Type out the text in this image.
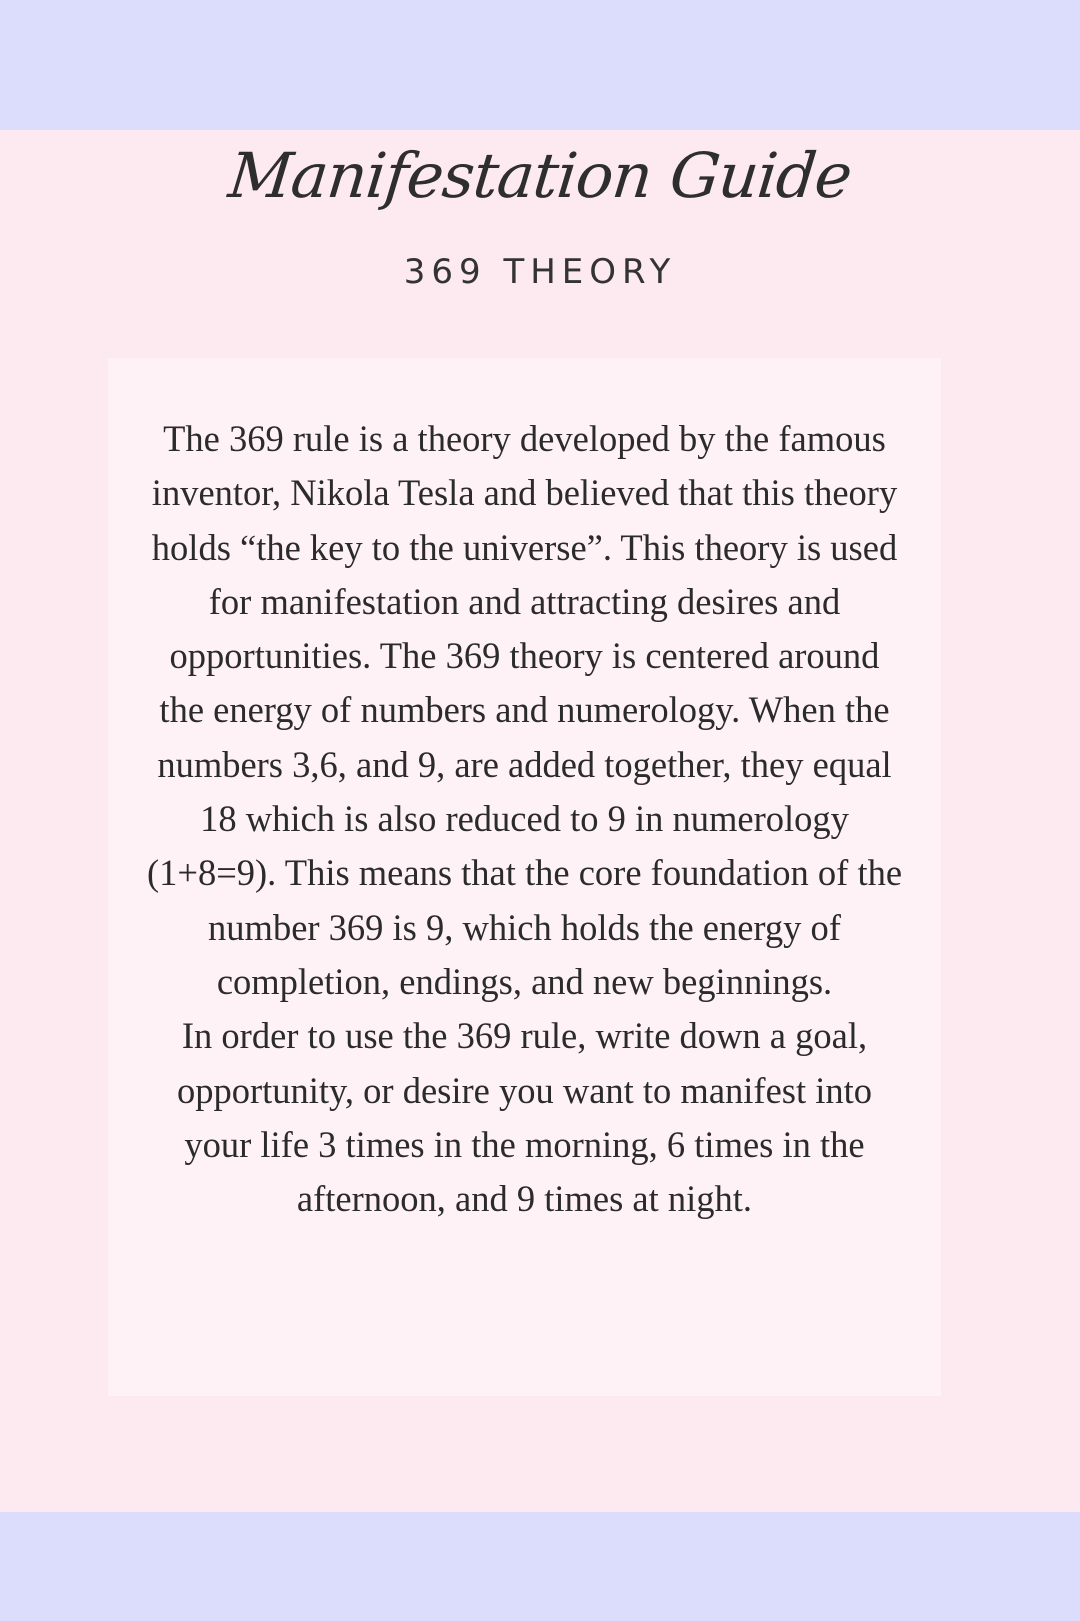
Manifestation Guide
369 THEORY

The 369 rule is a theory developed by the famous
inventor, Nikola Tesla and believed that this theory
holds “the key to the universe”. This theory is used
for manifestation and attracting desires and
opportunities. The 369 theory is centered around
the energy of numbers and numerology. When the
numbers 3,6, and 9, are added together, they equal
18 which is also reduced to 9 in numerology
(1+8=9). This means that the core foundation of the
number 369 is 9, which holds the energy of
completion, endings, and new beginnings.
In order to use the 369 rule, write down a goal,
opportunity, or desire you want to manifest into
your life 3 times in the morning, 6 times in the
afternoon, and 9 times at night.
